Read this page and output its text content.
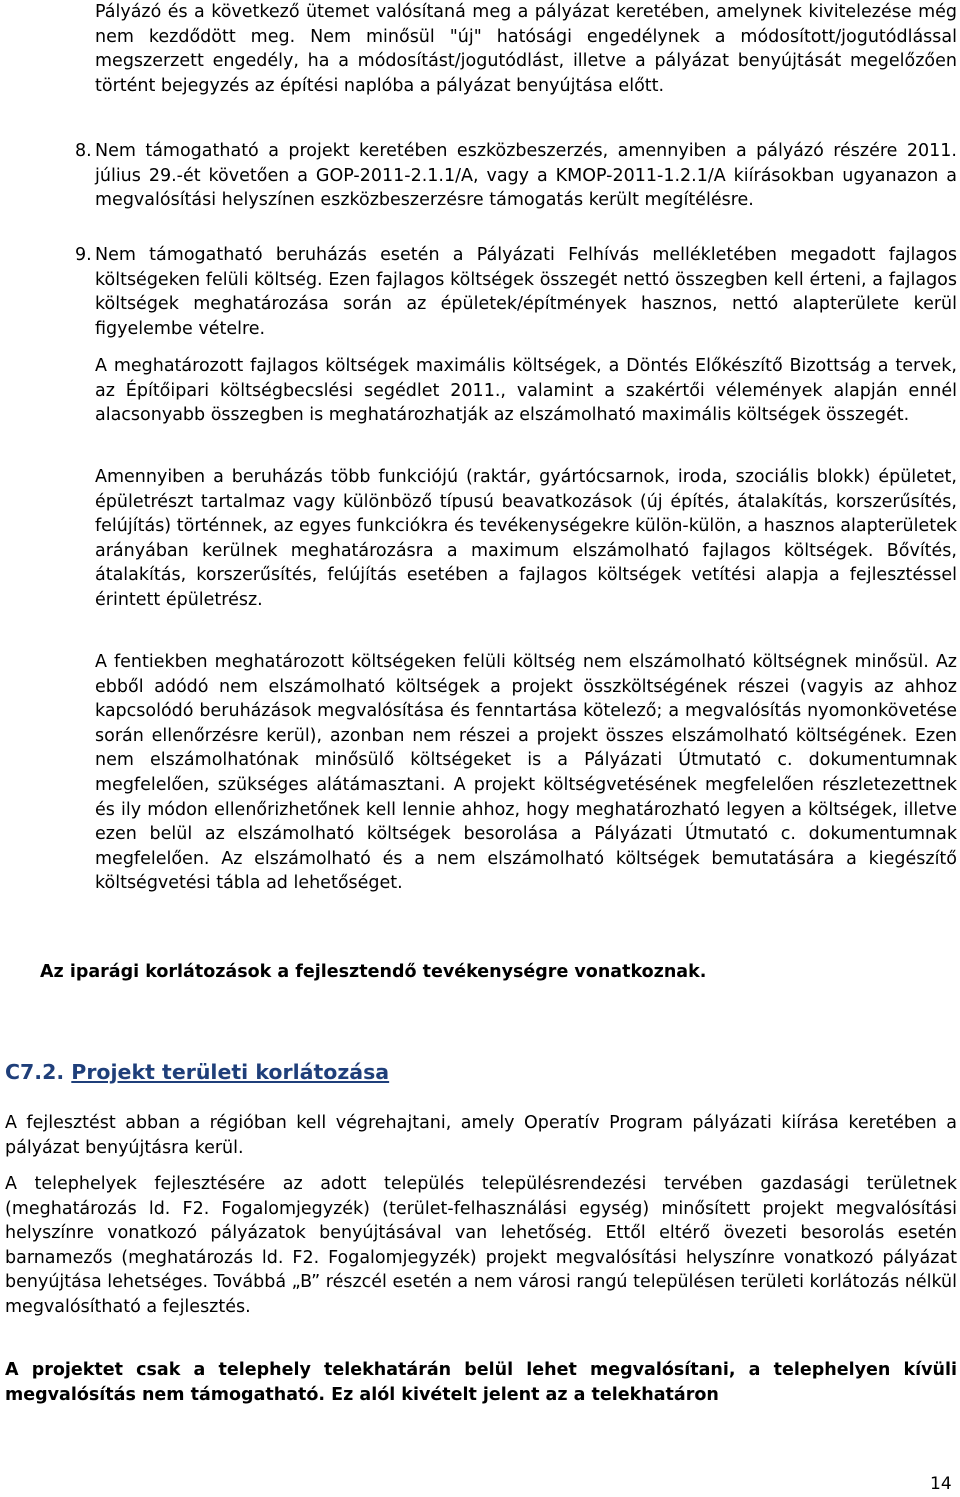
Pályázó és a következő ütemet valósítaná meg a pályázat keretében, amelynek kivitelezése még nem kezdődött meg. Nem minősül "új" hatósági engedélynek a módosított/jogutódlással megszerzett engedély, ha a módosítást/jogutódlást, illetve a pályázat benyújtását megelőzően történt bejegyzés az építési naplóba a pályázat benyújtása előtt.

8. Nem támogatható a projekt keretében eszközbeszerzés, amennyiben a pályázó részére 2011. július 29.-ét követően a GOP-2011-2.1.1/A, vagy a KMOP-2011-1.2.1/A kiírásokban ugyanazon a megvalósítási helyszínen eszközbeszerzésre támogatás került megítélésre.
9. Nem támogatható beruházás esetén a Pályázati Felhívás mellékletében megadott fajlagos költségeken felüli költség. Ezen fajlagos költségek összegét nettó összegben kell érteni, a fajlagos költségek meghatározása során az épületek/építmények hasznos, nettó alapterülete kerül figyelembe vételre.

A meghatározott fajlagos költségek maximális költségek, a Döntés Előkészítő Bizottság a tervek, az Építőipari költségbecslési segédlet 2011., valamint a szakértői vélemények alapján ennél alacsonyabb összegben is meghatározhatják az elszámolható maximális költségek összegét.

Amennyiben a beruházás több funkciójú (raktár, gyártócsarnok, iroda, szociális blokk) épületet, épületrészt tartalmaz vagy különböző típusú beavatkozások (új építés, átalakítás, korszerűsítés, felújítás) történnek, az egyes funkciókra és tevékenységekre külön-külön, a hasznos alapterületek arányában kerülnek meghatározásra a maximum elszámolható fajlagos költségek. Bővítés, átalakítás, korszerűsítés, felújítás esetében a fajlagos költségek vetítési alapja a fejlesztéssel érintett épületrész.

A fentiekben meghatározott költségeken felüli költség nem elszámolható költségnek minősül. Az ebből adódó nem elszámolható költségek a projekt összköltségének részei (vagyis az ahhoz kapcsolódó beruházások megvalósítása és fenntartása kötelező; a megvalósítás nyomonkövetése során ellenőrzésre kerül), azonban nem részei a projekt összes elszámolható költségének. Ezen nem elszámolhatónak minősülő költségeket is a Pályázati Útmutató c. dokumentumnak megfelelően, szükséges alátámasztani. A projekt költségvetésének megfelelően részletezettnek és ily módon ellenőrizhetőnek kell lennie ahhoz, hogy meghatározható legyen a költségek, illetve ezen belül az elszámolható költségek besorolása a Pályázati Útmutató c. dokumentumnak megfelelően. Az elszámolható és a nem elszámolható költségek bemutatására a kiegészítő költségvetési tábla ad lehetőséget.

Az iparági korlátozások a fejlesztendő tevékenységre vonatkoznak.

C7.2. Projekt területi korlátozása

A fejlesztést abban a régióban kell végrehajtani, amely Operatív Program pályázati kiírása keretében a pályázat benyújtásra kerül.

A telephelyek fejlesztésére az adott település településrendezési tervében gazdasági területnek (meghatározás ld. F2. Fogalomjegyzék) (terület-felhasználási egység) minősített projekt megvalósítási helyszínre vonatkozó pályázatok benyújtásával van lehetőség. Ettől eltérő övezeti besorolás esetén barnamezős (meghatározás ld. F2. Fogalomjegyzék) projekt megvalósítási helyszínre vonatkozó pályázat benyújtása lehetséges. Továbbá „B” részcél esetén a nem városi rangú településen területi korlátozás nélkül megvalósítható a fejlesztés.

A projektet csak a telephely telekhatárán belül lehet megvalósítani, a telephelyen kívüli megvalósítás nem támogatható. Ez alól kivételt jelent az a telekhatáron

14
